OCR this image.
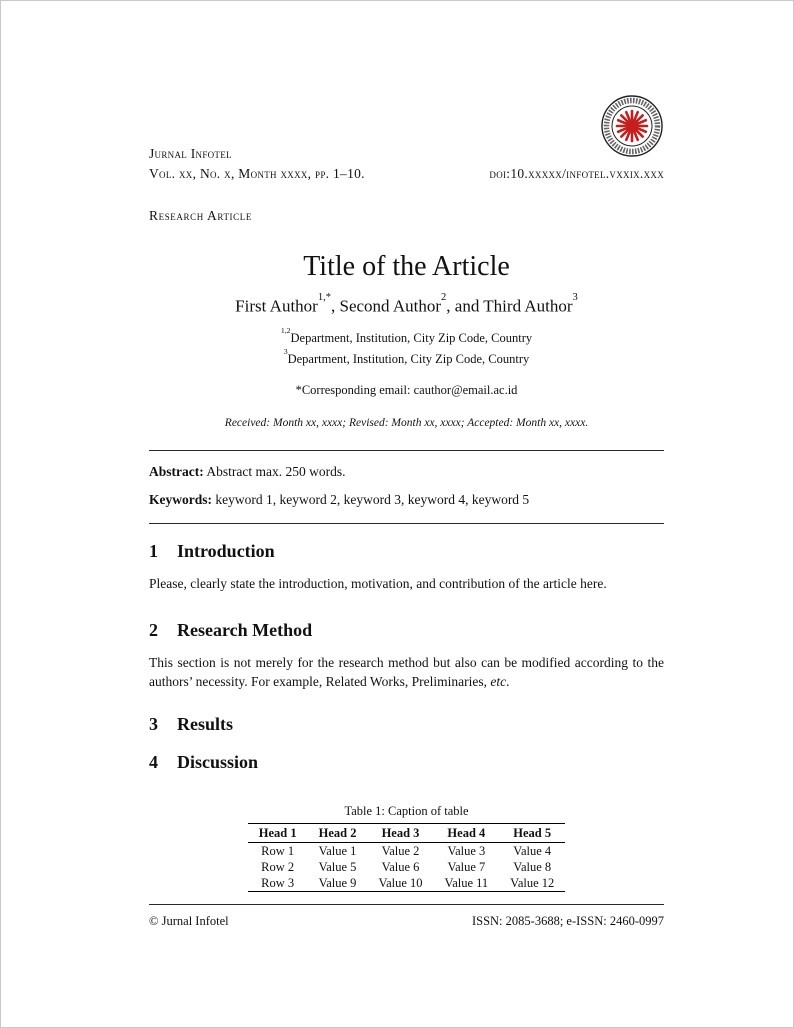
Jurnal Infotel
Vol. xx, No. x, Month xxxx, pp. 1–10.	doi:10.xxxxx/infotel.vxxix.xxx
Research Article
Title of the Article
First Author$^{1,*}$, Second Author$^2$, and Third Author$^3$
$^{1,2}$Department, Institution, City Zip Code, Country
$^3$Department, Institution, City Zip Code, Country
*Corresponding email: cauthor@email.ac.id
Received: Month xx, xxxx; Revised: Month xx, xxxx; Accepted: Month xx, xxxx.
Abstract: Abstract max. 250 words.
Keywords: keyword 1, keyword 2, keyword 3, keyword 4, keyword 5
1 Introduction
Please, clearly state the introduction, motivation, and contribution of the article here.
2 Research Method
This section is not merely for the research method but also can be modified according to the authors’ necessity. For example, Related Works, Preliminaries, etc.
3 Results
4 Discussion
Table 1: Caption of table
Head 1	Head 2	Head 3	Head 4	Head 5
Row 1	Value 1	Value 2	Value 3	Value 4
Row 2	Value 5	Value 6	Value 7	Value 8
Row 3	Value 9	Value 10	Value 11	Value 12
© Jurnal Infotel	ISSN: 2085-3688; e-ISSN: 2460-0997
